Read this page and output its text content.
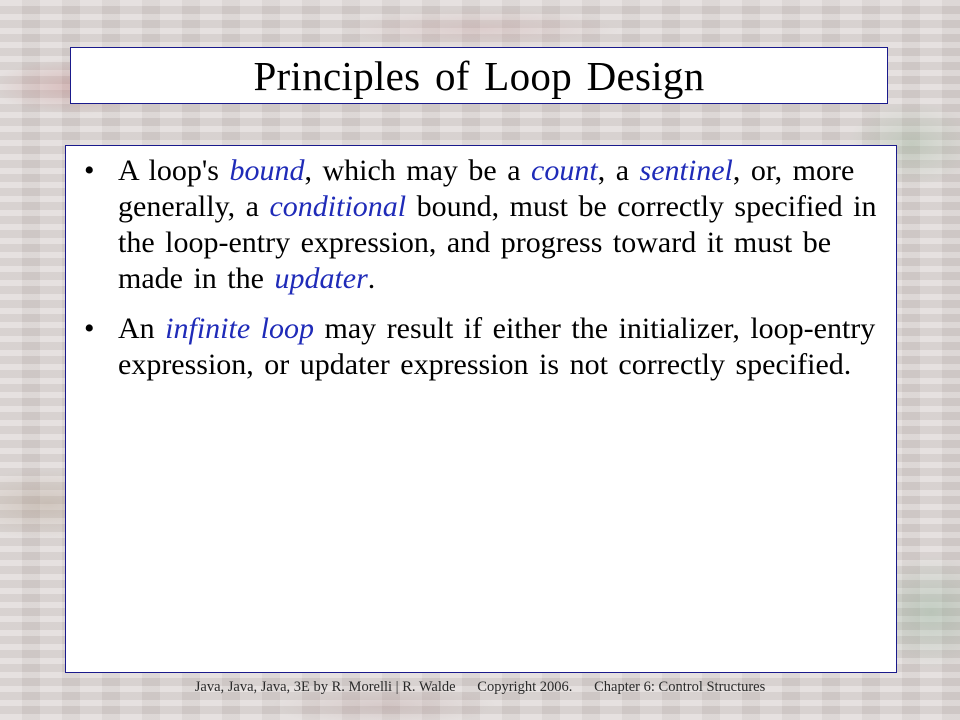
Principles of Loop Design
• A loop's bound, which may be a count, a sentinel, or, more generally, a conditional bound, must be correctly specified in the loop-entry expression, and progress toward it must be made in the updater.
• An infinite loop may result if either the initializer, loop-entry expression, or updater expression is not correctly specified.
Java, Java, Java, 3E by R. Morelli | R. Walde Copyright 2006. Chapter 6: Control Structures
